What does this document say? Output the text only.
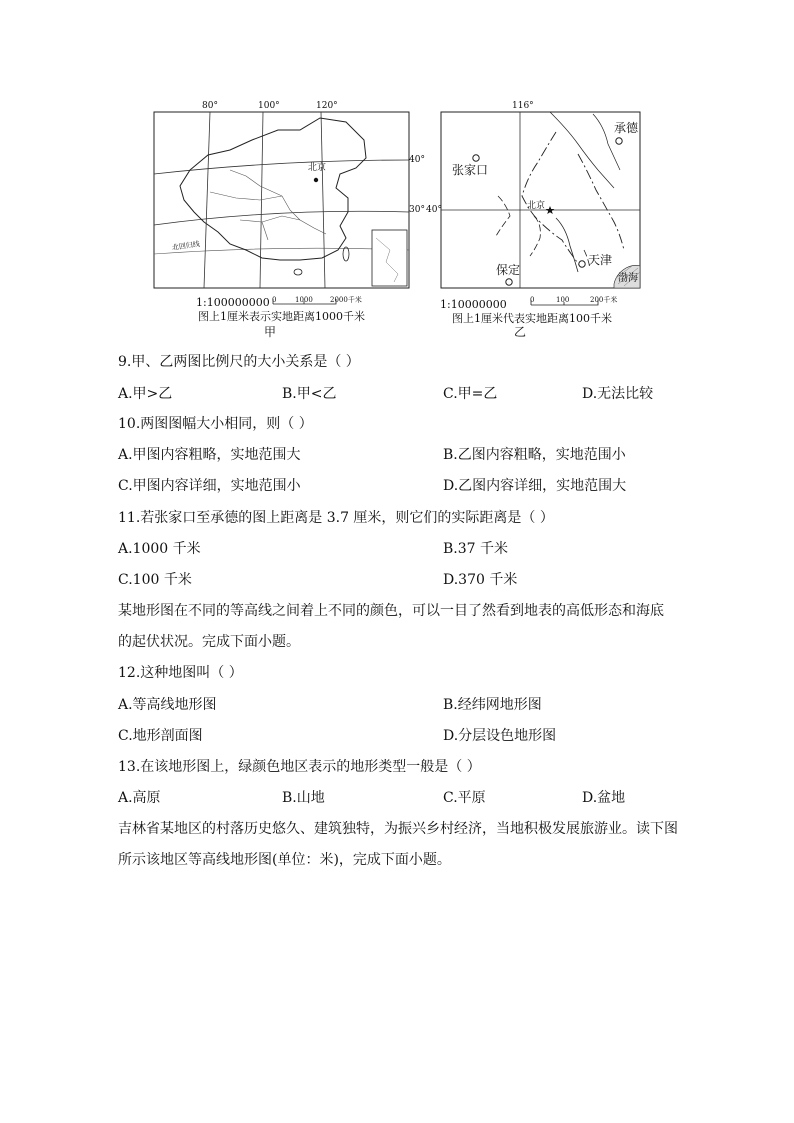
80°	100°	120°
40°
30°
北京
北回归线
1:100000000 0	1000 2000千米
图上1厘米表示实地距离1000千米
甲
116°
40°
承德
张家口
北京
保定
天津
渤海
1:10000000	0	100	200千米
图上1厘米代表实地距离100千米
乙
9.甲、乙两图比例尺的大小关系是（ ）
A.甲>乙	B.甲<乙	C.甲=乙	D.无法比较
10.两图图幅大小相同，则（ ）
A.甲图内容粗略，实地范围大	B.乙图内容粗略，实地范围小
C.甲图内容详细，实地范围小	D.乙图内容详细，实地范围大
11.若张家口至承德的图上距离是 3.7 厘米，则它们的实际距离是（ ）
A.1000 千米	B.37 千米
C.100 千米	D.370 千米
某地形图在不同的等高线之间着上不同的颜色，可以一目了然看到地表的高低形态和海底
的起伏状况。完成下面小题。
12.这种地图叫（ ）
A.等高线地形图	B.经纬网地形图
C.地形剖面图	D.分层设色地形图
13.在该地形图上，绿颜色地区表示的地形类型一般是（ ）
A.高原	B.山地	C.平原	D.盆地
吉林省某地区的村落历史悠久、建筑独特，为振兴乡村经济，当地积极发展旅游业。读下图
所示该地区等高线地形图(单位：米)，完成下面小题。
